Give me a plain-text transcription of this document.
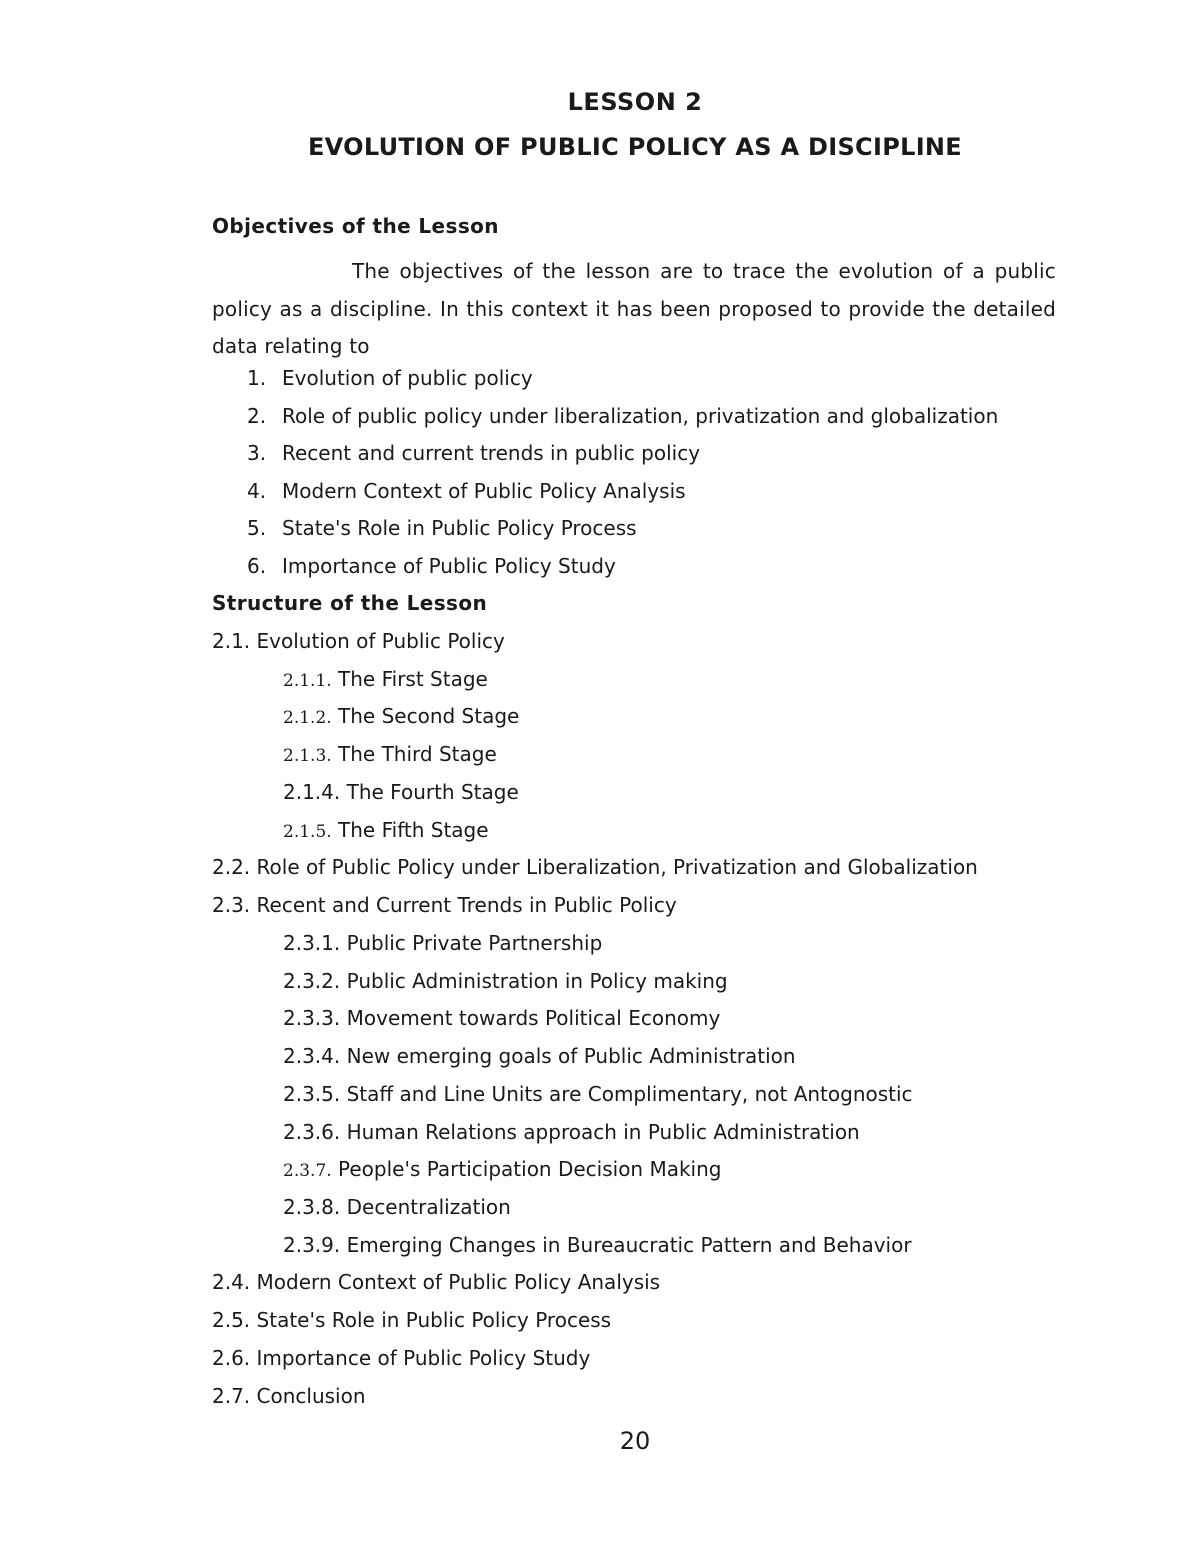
LESSON 2
EVOLUTION OF PUBLIC POLICY AS A DISCIPLINE
Objectives of the Lesson

The objectives of the lesson are to trace the evolution of a public policy as a discipline. In this context it has been proposed to provide the detailed data relating to

1. Evolution of public policy
2. Role of public policy under liberalization, privatization and globalization
3. Recent and current trends in public policy
4. Modern Context of Public Policy Analysis
5. State's Role in Public Policy Process
6. Importance of Public Policy Study
Structure of the Lesson
2.1. Evolution of Public Policy
2.1.1. The First Stage
2.1.2. The Second Stage
2.1.3. The Third Stage
2.1.4. The Fourth Stage
2.1.5. The Fifth Stage
2.2. Role of Public Policy under Liberalization, Privatization and Globalization
2.3. Recent and Current Trends in Public Policy
2.3.1. Public Private Partnership
2.3.2. Public Administration in Policy making
2.3.3. Movement towards Political Economy
2.3.4. New emerging goals of Public Administration
2.3.5. Staff and Line Units are Complimentary, not Antognostic
2.3.6. Human Relations approach in Public Administration
2.3.7. People's Participation Decision Making
2.3.8. Decentralization
2.3.9. Emerging Changes in Bureaucratic Pattern and Behavior
2.4. Modern Context of Public Policy Analysis
2.5. State's Role in Public Policy Process
2.6. Importance of Public Policy Study
2.7. Conclusion
20
